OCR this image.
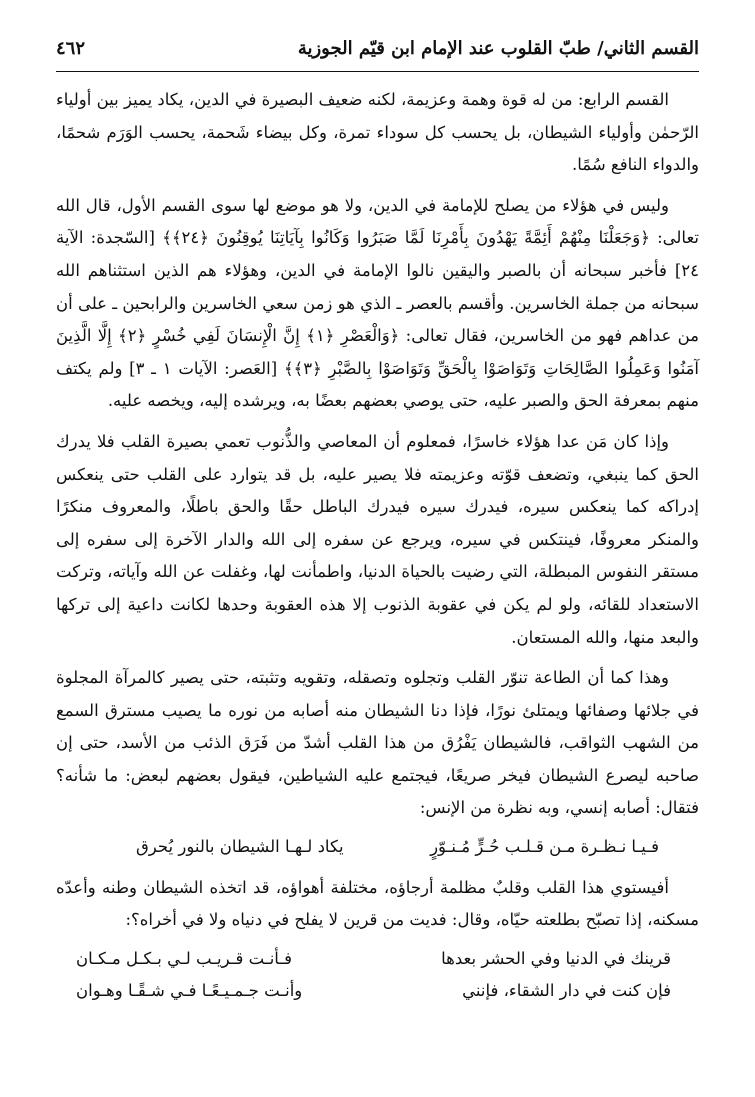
القسم الثاني/ طبّ القلوب عند الإمام ابن قيّم الجوزية
٤٦٢

القسم الرابع: من له قوة وهمة وعزيمة، لكنه ضعيف البصيرة في الدين، يكاد يميز بين أولياء الرّحمٰن وأولياء الشيطان، بل يحسب كل سوداء تمرة، وكل بيضاء شَحمة، يحسب الوَرَم شحمًا، والدواء النافع سُمًا.

وليس في هؤلاء من يصلح للإمامة في الدين، ولا هو موضع لها سوى القسم الأول، قال الله تعالى: ﴿وَجَعَلْنَا مِنْهُمْ أَئِمَّةً يَهْدُونَ بِأَمْرِنَا لَمَّا صَبَرُوا وَكَانُوا بِآيَاتِنَا يُوقِنُونَ ﴿٢٤﴾﴾ [السّجدة: الآية ٢٤] فأخبر سبحانه أن بالصبر واليقين نالوا الإمامة في الدين، وهؤلاء هم الذين استثناهم الله سبحانه من جملة الخاسرين. وأقسم بالعصر ـ الذي هو زمن سعي الخاسرين والرابحين ـ على أن من عداهم فهو من الخاسرين، فقال تعالى: ﴿وَالْعَصْرِ ﴿١﴾ إِنَّ الْإِنسَانَ لَفِي خُسْرٍ ﴿٢﴾ إِلَّا الَّذِينَ آمَنُوا وَعَمِلُوا الصَّالِحَاتِ وَتَوَاصَوْا بِالْحَقِّ وَتَوَاصَوْا بِالصَّبْرِ ﴿٣﴾﴾ [العَصر: الآيات ١ ـ ٣] ولم يكتف منهم بمعرفة الحق والصبر عليه، حتى يوصي بعضهم بعضًا به، ويرشده إليه، ويخصه عليه.

وإذا كان مَن عدا هؤلاء خاسرًا، فمعلوم أن المعاصي والذُّنوب تعمي بصيرة القلب فلا يدرك الحق كما ينبغي، وتضعف قوّته وعزيمته فلا يصير عليه، بل قد يتوارد على القلب حتى ينعكس إدراكه كما ينعكس سيره، فيدرك سيره فيدرك الباطل حقًا والحق باطلًا، والمعروف منكرًا والمنكر معروفًا، فينتكس في سيره، ويرجع عن سفره إلى الله والدار الآخرة إلى سفره إلى مستقر النفوس المبطلة، التي رضيت بالحياة الدنيا، واطمأنت لها، وغفلت عن الله وآياته، وتركت الاستعداد للقائه، ولو لم يكن في عقوبة الذنوب إلا هذه العقوبة وحدها لكانت داعية إلى تركها والبعد منها، والله المستعان.

وهذا كما أن الطاعة تنوّر القلب وتجلوه وتصقله، وتقويه وتثبته، حتى يصير كالمرآة المجلوة في جلائها وصفائها ويمتلئ نورًا، فإذا دنا الشيطان منه أصابه من نوره ما يصيب مسترق السمع من الشهب الثواقب، فالشيطان يَفْرُق من هذا القلب أشدّ من فَرَق الذئب من الأسد، حتى إن صاحبه ليصرع الشيطان فيخر صريعًا، فيجتمع عليه الشياطين، فيقول بعضهم لبعض: ما شأنه؟ فتقال: أصابه إنسي، وبه نظرة من الإنس:

فـيـا نـظـرة مـن قـلـب حُـرٍّ مُـنـوّرٍ
يكاد لـهـا الشيطان بالنور يُحرق

أفيستوي هذا القلب وقلبٌ مظلمة أرجاؤه، مختلفة أهواؤه، قد اتخذه الشيطان وطنه وأعدّه مسكنه، إذا تصبّح بطلعته حيّاه، وقال: فديت من قرين لا يفلح في دنياه ولا في أخراه؟:

قرينك في الدنيا وفي الحشر بعدها
فـأنـت قـريـب لـي بـكـل مـكـان
فإن كنت في دار الشقاء، فإنني
وأنـت جـمـيـعًـا فـي شـقًـا وهـوان
